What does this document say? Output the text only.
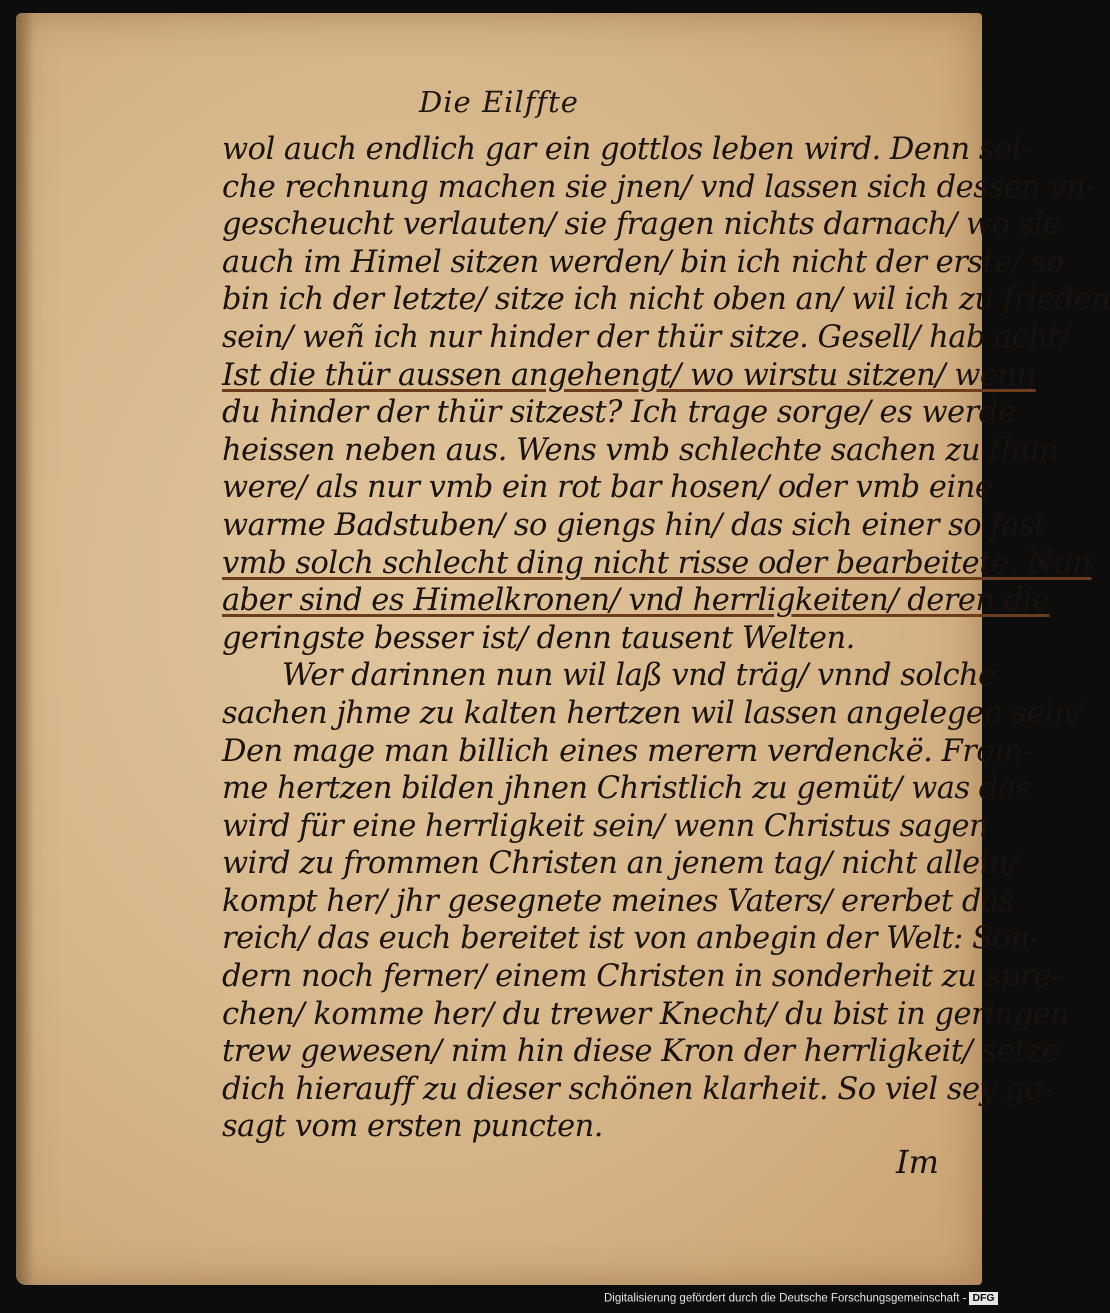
Die Eilffte
wol auch endlich gar ein gottlos leben wird. Denn sol-
che rechnung machen sie jnen/ vnd lassen sich dessen vn-
gescheucht verlauten/ sie fragen nichts darnach/ wo sie
auch im Himel sitzen werden/ bin ich nicht der erste/ so
bin ich der letzte/ sitze ich nicht oben an/ wil ich zu frieden
sein/ weñ ich nur hinder der thür sitze. Gesell/ hab acht/
Ist die thür aussen angehengt/ wo wirstu sitzen/ wenn
du hinder der thür sitzest? Ich trage sorge/ es werde
heissen neben aus. Wens vmb schlechte sachen zu thun
were/ als nur vmb ein rot bar hosen/ oder vmb eine
warme Badstuben/ so giengs hin/ das sich einer so fast
vmb solch schlecht ding nicht risse oder bearbeitete. Nun
aber sind es Himelkronen/ vnd herrligkeiten/ deren die
geringste besser ist/ denn tausent Welten.
Wer darinnen nun wil laß vnd träg/ vnnd solche
sachen jhme zu kalten hertzen wil lassen angelegen sein/
Den mage man billich eines merern verdenckë. From-
me hertzen bilden jhnen Christlich zu gemüt/ was das
wird für eine herrligkeit sein/ wenn Christus sagen
wird zu frommen Christen an jenem tag/ nicht allein/
kompt her/ jhr gesegnete meines Vaters/ ererbet das
reich/ das euch bereitet ist von anbegin der Welt: Son-
dern noch ferner/ einem Christen in sonderheit zu spre-
chen/ komme her/ du trewer Knecht/ du bist in geringen
trew gewesen/ nim hin diese Kron der herrligkeit/ setze
dich hierauff zu dieser schönen klarheit. So viel sey ge-
sagt vom ersten puncten.
Im
Digitalisierung gefördert durch die Deutsche Forschungsgemeinschaft - DFG
